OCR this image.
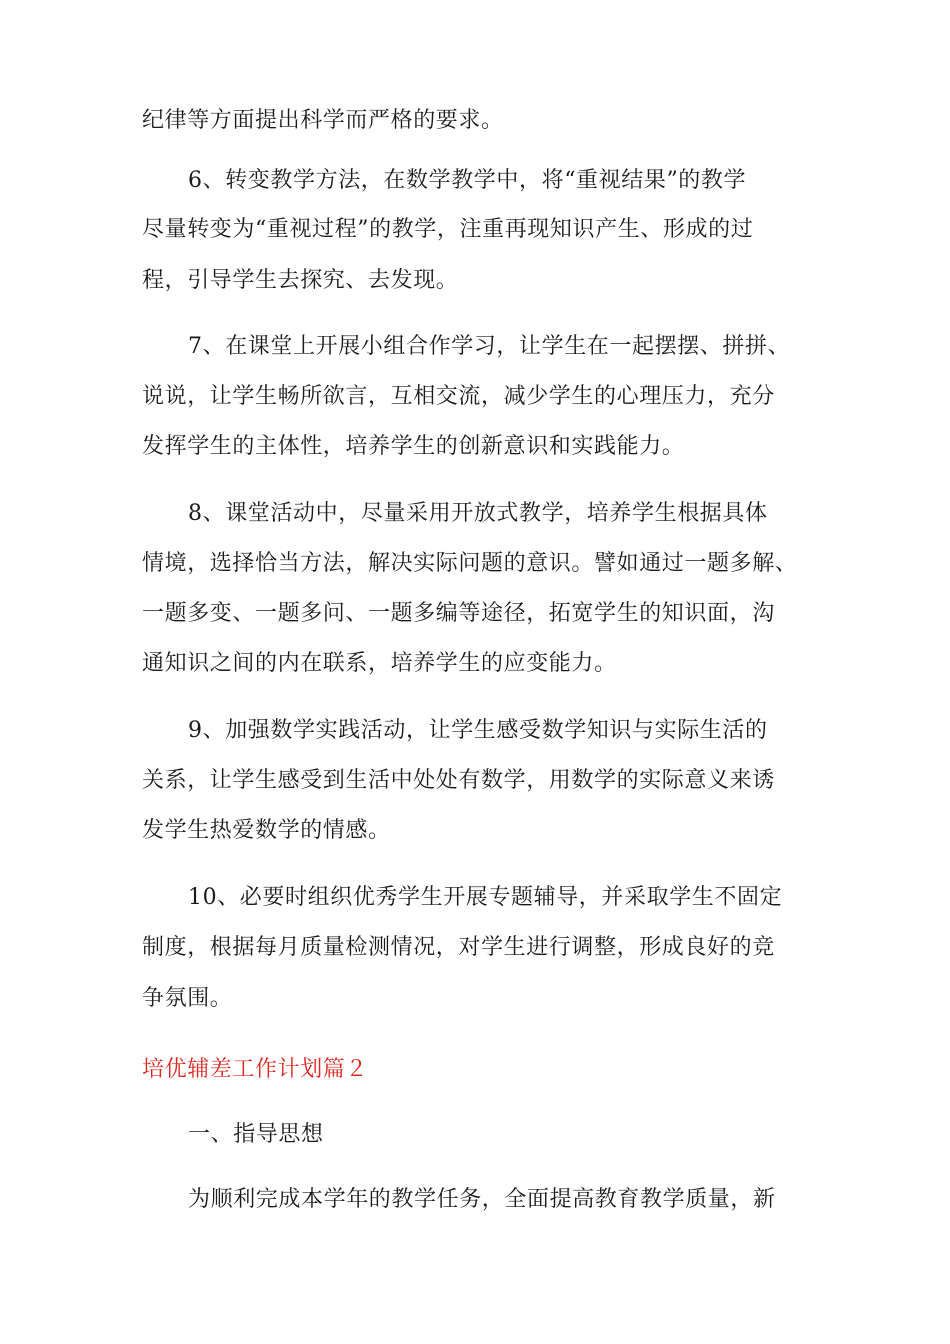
纪律等方面提出科学而严格的要求。
6、转变教学方法，在数学教学中，将“重视结果”的教学
尽量转变为“重视过程”的教学，注重再现知识产生、形成的过
程，引导学生去探究、去发现。
7、在课堂上开展小组合作学习，让学生在一起摆摆、拼拼、
说说，让学生畅所欲言，互相交流，减少学生的心理压力，充分
发挥学生的主体性，培养学生的创新意识和实践能力。
8、课堂活动中，尽量采用开放式教学，培养学生根据具体
情境，选择恰当方法，解决实际问题的意识。譬如通过一题多解、
一题多变、一题多问、一题多编等途径，拓宽学生的知识面，沟
通知识之间的内在联系，培养学生的应变能力。
9、加强数学实践活动，让学生感受数学知识与实际生活的
关系，让学生感受到生活中处处有数学，用数学的实际意义来诱
发学生热爱数学的情感。
10、必要时组织优秀学生开展专题辅导，并采取学生不固定
制度，根据每月质量检测情况，对学生进行调整，形成良好的竞
争氛围。
培优辅差工作计划篇２
一、指导思想
为顺利完成本学年的教学任务，全面提高教育教学质量，新
